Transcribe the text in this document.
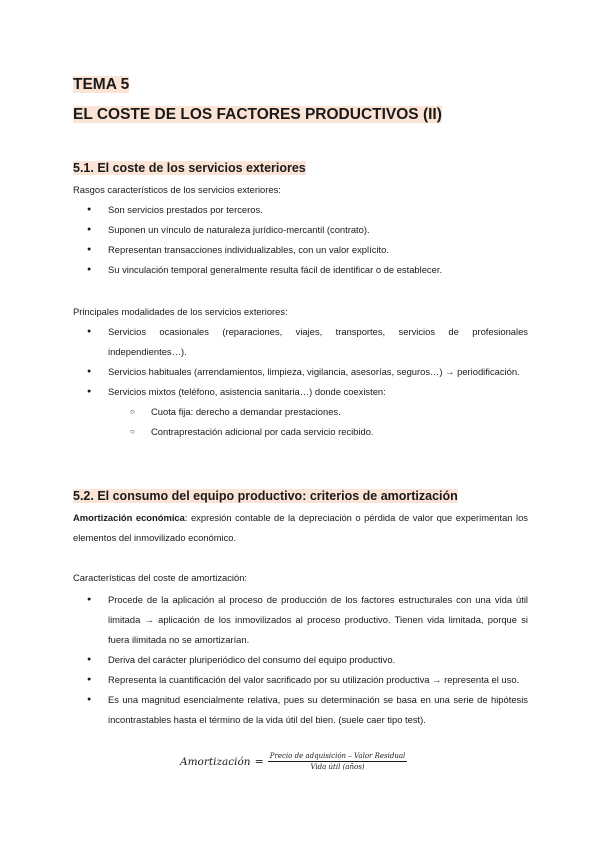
TEMA 5
EL COSTE DE LOS FACTORES PRODUCTIVOS (II)
5.1. El coste de los servicios exteriores

Rasgos característicos de los servicios exteriores:

● Son servicios prestados por terceros.
● Suponen un vínculo de naturaleza jurídico-mercantil (contrato).
● Representan transacciones individualizables, con un valor explícito.
● Su vinculación temporal generalmente resulta fácil de identificar o de establecer.

Principales modalidades de los servicios exteriores:

● Servicios ocasionales (reparaciones, viajes, transportes, servicios de profesionales independientes…).
● Servicios habituales (arrendamientos, limpieza, vigilancia, asesorías, seguros…) → periodificación.
● Servicios mixtos (teléfono, asistencia sanitaria…) donde coexisten:
○ Cuota fija: derecho a demandar prestaciones.
○ Contraprestación adicional por cada servicio recibido.
5.2. El consumo del equipo productivo: criterios de amortización

Amortización económica: expresión contable de la depreciación o pérdida de valor que experimentan los elementos del inmovilizado económico.

Características del coste de amortización:

● Procede de la aplicación al proceso de producción de los factores estructurales con una vida útil limitada → aplicación de los inmovilizados al proceso productivo. Tienen vida limitada, porque si fuera ilimitada no se amortizarían.
● Deriva del carácter pluriperiódico del consumo del equipo productivo.
● Representa la cuantificación del valor sacrificado por su utilización productiva → representa el uso.
● Es una magnitud esencialmente relativa, pues su determinación se basa en una serie de hipótesis incontrastables hasta el término de la vida útil del bien. (suele caer tipo test).
Amortización = $\frac{\text{Precio de adquisición – Valor Residual}}{\text{Vida útil (años)}}$
